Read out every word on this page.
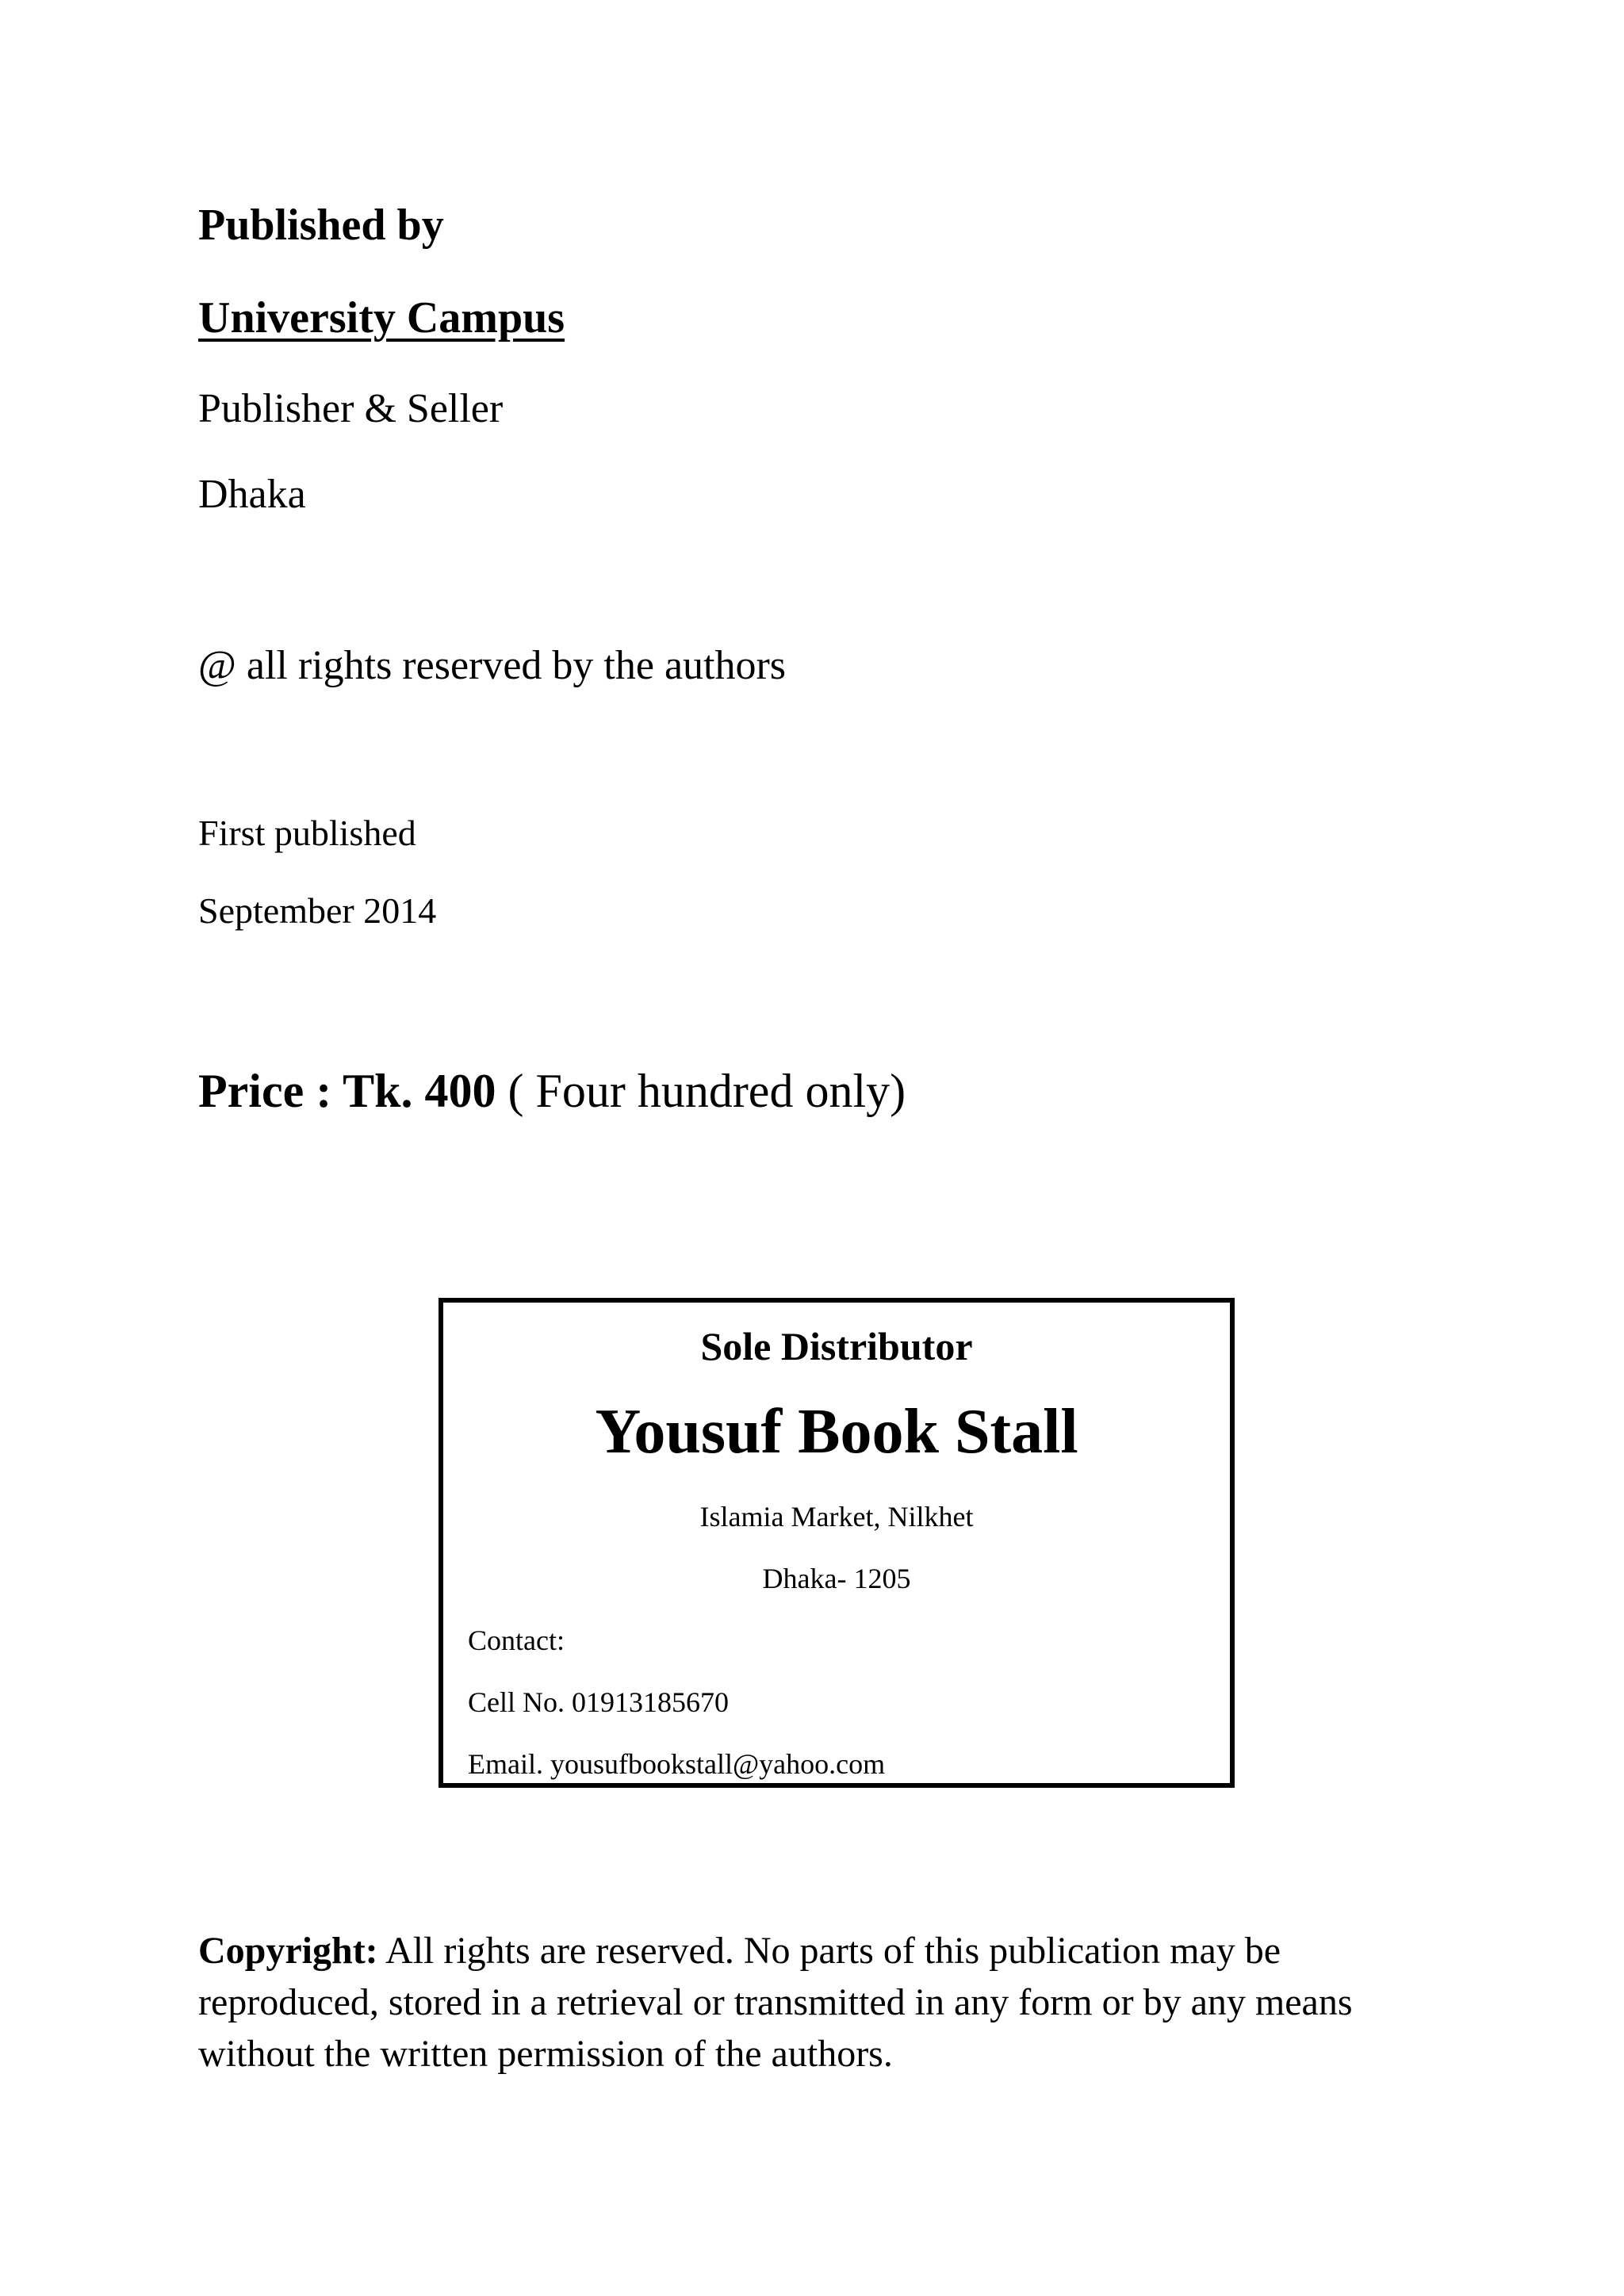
Published by
University Campus
Publisher & Seller
Dhaka
@ all rights reserved by the authors
First published
September 2014
Price : Tk. 400 ( Four hundred only)
Sole Distributor
Yousuf Book Stall
Islamia Market, Nilkhet
Dhaka- 1205
Contact:
Cell No. 01913185670
Email. yousufbookstall@yahoo.com
Copyright: All rights are reserved. No parts of this publication may be reproduced, stored in a retrieval or transmitted in any form or by any means without the written permission of the authors.
